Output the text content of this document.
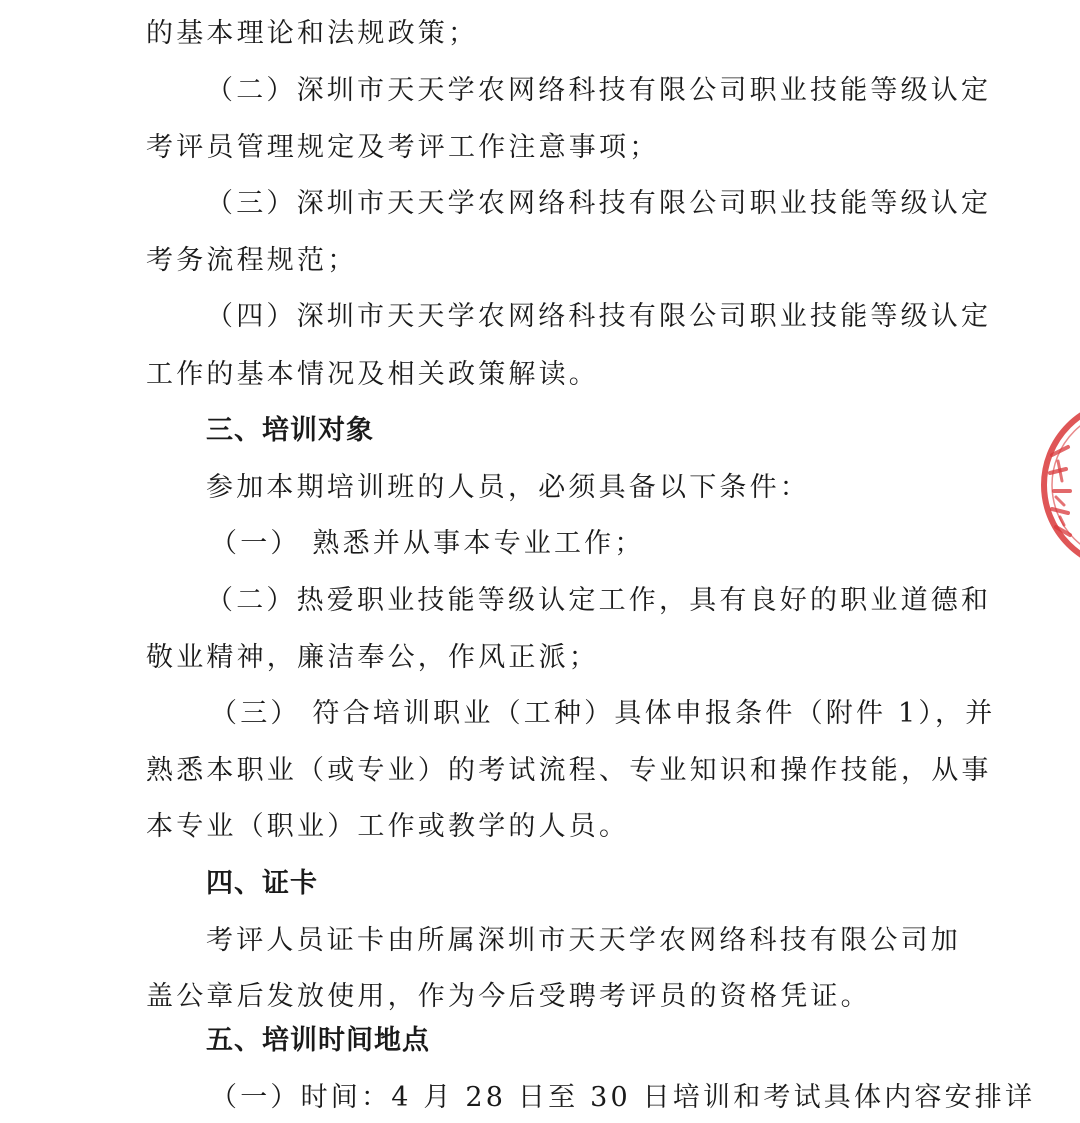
的基本理论和法规政策；
（二）深圳市天天学农网络科技有限公司职业技能等级认定
考评员管理规定及考评工作注意事项；
（三）深圳市天天学农网络科技有限公司职业技能等级认定
考务流程规范；
（四）深圳市天天学农网络科技有限公司职业技能等级认定
工作的基本情况及相关政策解读。
三、培训对象
参加本期培训班的人员，必须具备以下条件：
（一） 熟悉并从事本专业工作；
（二）热爱职业技能等级认定工作，具有良好的职业道德和
敬业精神，廉洁奉公，作风正派；
（三） 符合培训职业（工种）具体申报条件（附件 1），并
熟悉本职业（或专业）的考试流程、专业知识和操作技能，从事
本专业（职业）工作或教学的人员。
四、证卡
考评人员证卡由所属深圳市天天学农网络科技有限公司加
盖公章后发放使用，作为今后受聘考评员的资格凭证。
五、培训时间地点
（一）时间：4 月 28 日至 30 日培训和考试具体内容安排详
